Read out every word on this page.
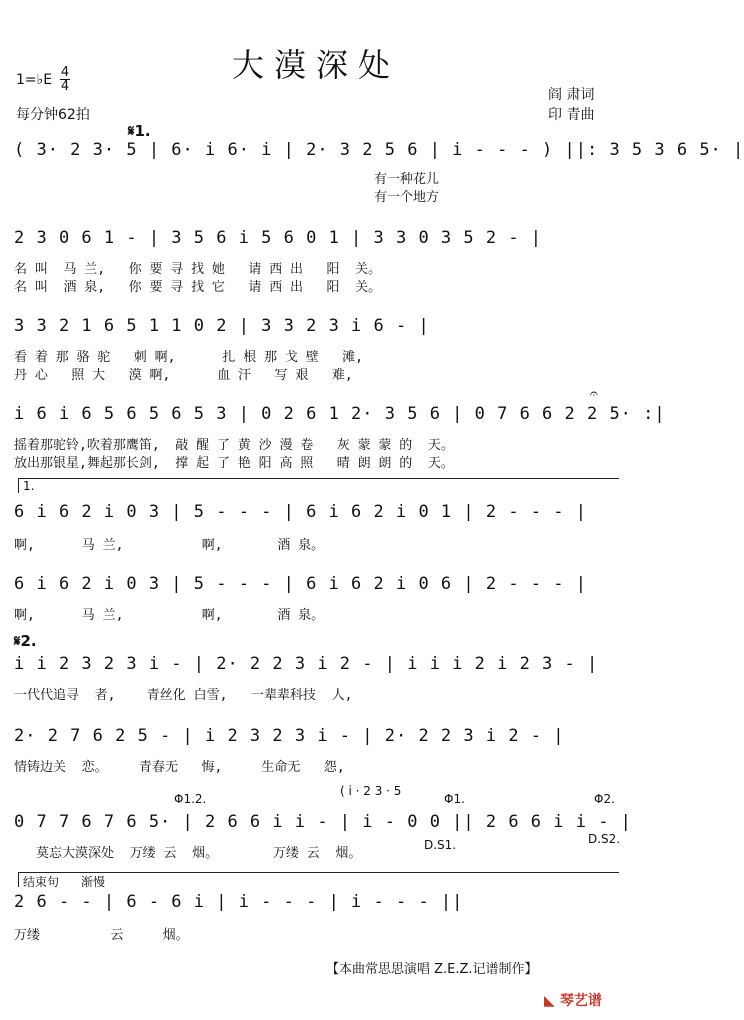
大漠深处
1=♭E 4
4
每分钟62拍
阎 肃词
印 青曲
𝄋1.
( 3· 2 3· 5 | 6· i 6· i | 2· 3 2 5 6 | i - - - ) ||: 3 5 3 6 5· |
有一种花儿
有一个地方
2 3 0 6 1 - | 3 5 6 i 5 6 0 1 | 3 3 0 3 5 2 - |
名 叫  马 兰,   你 要 寻 找 她   请 西 出   阳  关。
名 叫  酒 泉,   你 要 寻 找 它   请 西 出   阳  关。
3 3 2 1 6 5 1 1 0 2 | 3 3 2 3 i 6 - |
看 着 那 骆 驼   刺 啊,      扎 根 那 戈 壁   滩,
丹 心   照 大   漠 啊,      血 汗   写 艰   难,
i 6 i 6 5 6 5 6 5 3 | 0 2 6 1 2· 3 5 6 | 0 7 6 6 2 2 5· :|
摇着那驼铃,吹着那鹰笛,  敲 醒 了 黄 沙 漫 卷   灰 蒙 蒙 的  天。
放出那银星,舞起那长剑,  撑 起 了 艳 阳 高 照   晴 朗 朗 的  天。
𝄐
1.
6 i 6 2 i 0 3 | 5 - - - | 6 i 6 2 i 0 1 | 2 - - - |
啊,      马 兰,          啊,       酒 泉。
6 i 6 2 i 0 3 | 5 - - - | 6 i 6 2 i 0 6 | 2 - - - |
啊,      马 兰,          啊,       酒 泉。
𝄋2.
i i 2 3 2 3 i - | 2· 2 2 3 i 2 - | i i i 2 i 2 3 - |
一代代追寻  者,    青丝化 白雪,   一辈辈科技  人,
2· 2 7 6 2 5 - | i 2 3 2 3 i - | 2· 2 2 3 i 2 - |
情铸边关  恋。    青春无   悔,     生命无   怨,
Φ1.2.
( i · 2 3 · 5
Φ1.	Φ2.
0 7 7 6 7 6 5· | 2 6 6 i i - | i - 0 0 || 2 6 6 i i - |
莫忘大漠深处  万缕 云  烟。       万缕 云  烟。
D.S1.	D.S2.
结束句 渐慢
2 6 - - | 6 - 6 i | i - - - | i - - - ||
万缕         云     烟。
【本曲常思思演唱 Z.E.Z.记谱制作】
◣ 琴艺谱
